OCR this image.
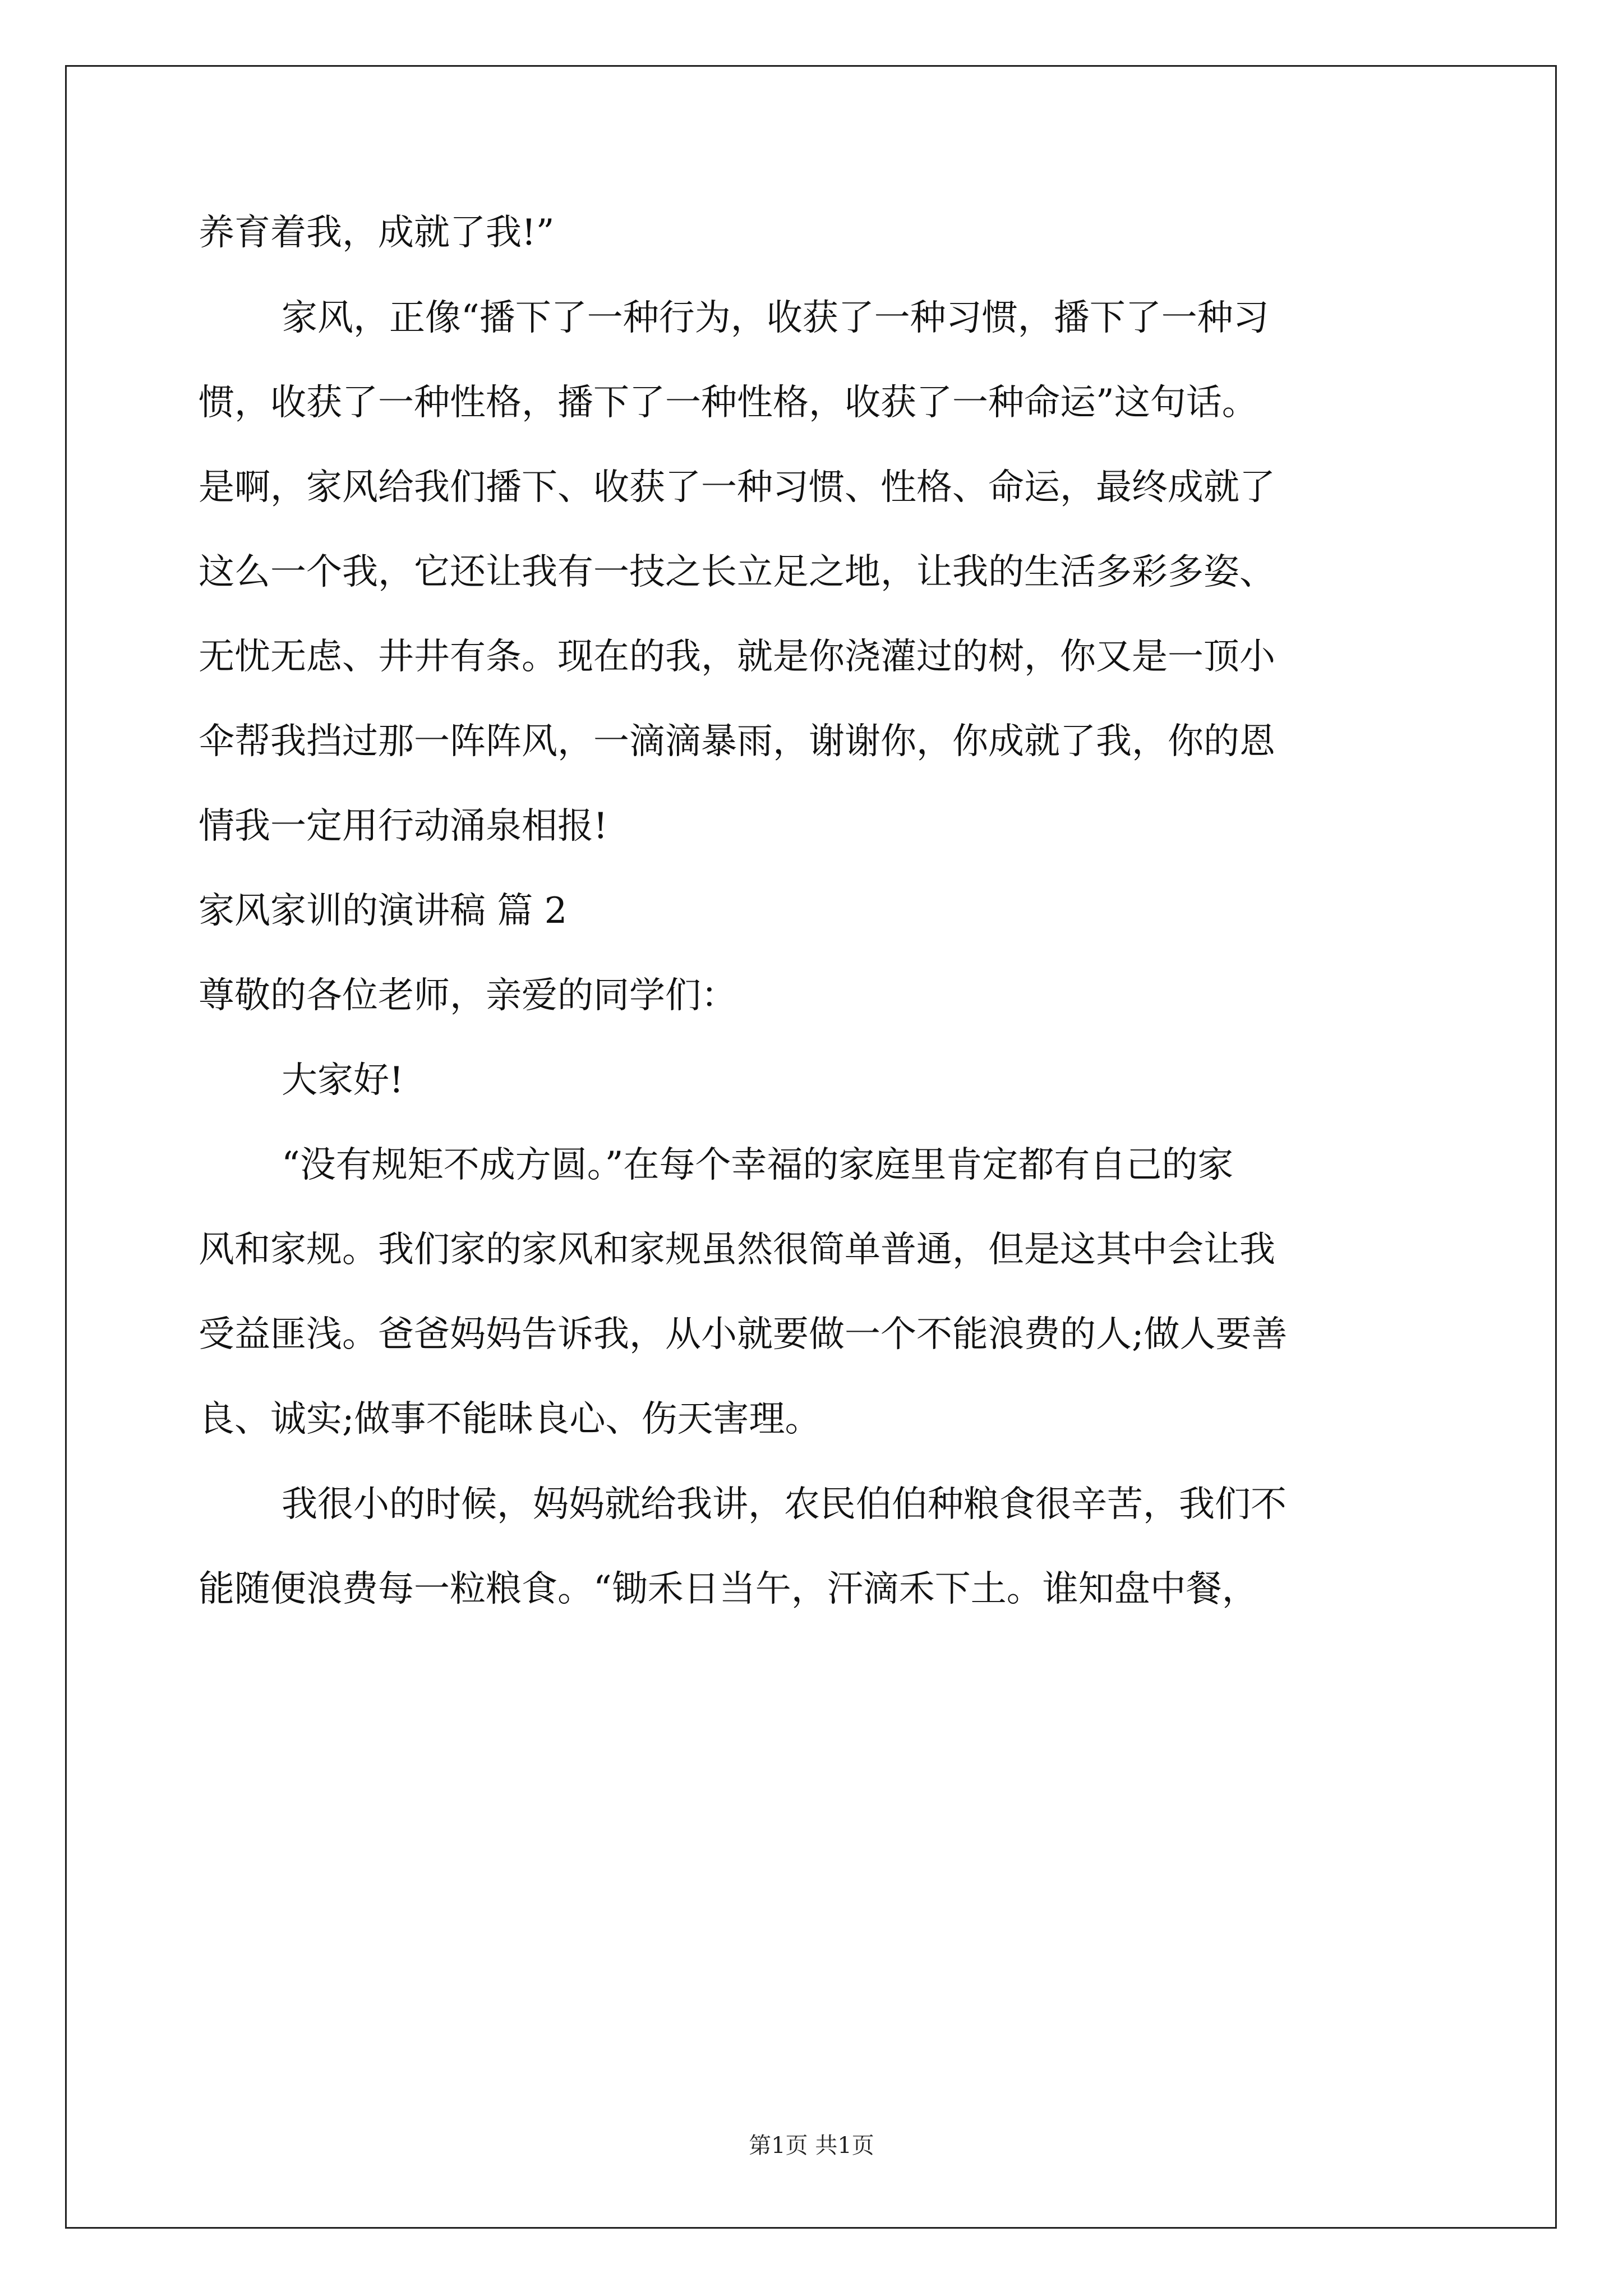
养育着我，成就了我!”
家风，正像“播下了一种行为，收获了一种习惯，播下了一种习
惯，收获了一种性格，播下了一种性格，收获了一种命运”这句话。
是啊，家风给我们播下、收获了一种习惯、性格、命运，最终成就了
这么一个我，它还让我有一技之长立足之地，让我的生活多彩多姿、
无忧无虑、井井有条。现在的我，就是你浇灌过的树，你又是一顶小
伞帮我挡过那一阵阵风，一滴滴暴雨，谢谢你，你成就了我，你的恩
情我一定用行动涌泉相报!
家风家训的演讲稿 篇 2
尊敬的各位老师，亲爱的同学们：
大家好!
“没有规矩不成方圆。”在每个幸福的家庭里肯定都有自己的家
风和家规。我们家的家风和家规虽然很简单普通，但是这其中会让我
受益匪浅。爸爸妈妈告诉我，从小就要做一个不能浪费的人;做人要善
良、诚实;做事不能昧良心、伤天害理。
我很小的时候，妈妈就给我讲，农民伯伯种粮食很辛苦，我们不
能随便浪费每一粒粮食。“锄禾日当午，汗滴禾下土。谁知盘中餐，
第1页 共1页
